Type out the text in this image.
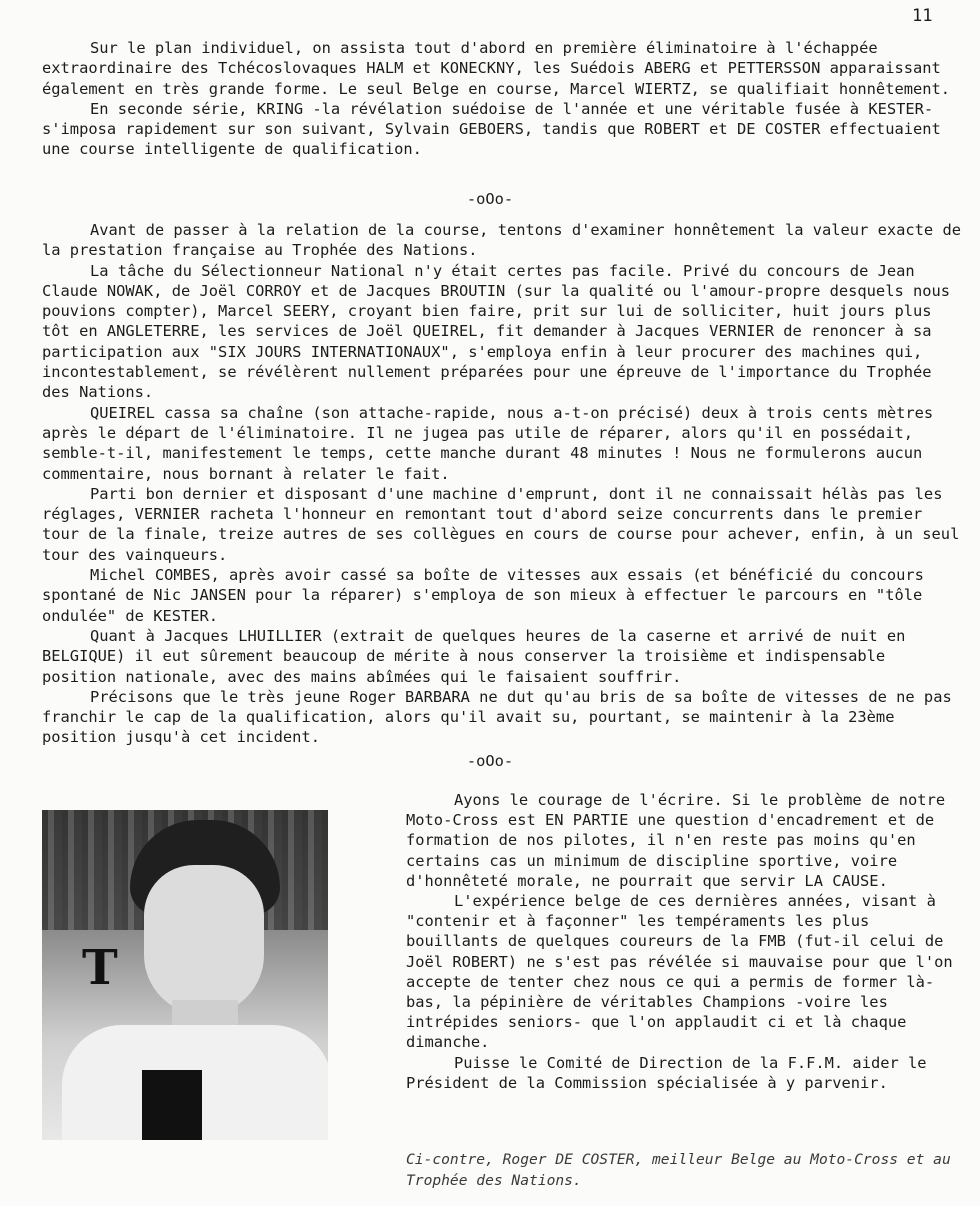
11

Sur le plan individuel, on assista tout d'abord en première éliminatoire à l'échappée extraordinaire des Tchécoslovaques HALM et KONECKNY, les Suédois ABERG et PETTERSSON apparaissant également en très grande forme. Le seul Belge en course, Marcel WIERTZ, se qualifiait honnêtement.

En seconde série, KRING -la révélation suédoise de l'année et une véritable fusée à KESTER- s'imposa rapidement sur son suivant, Sylvain GEBOERS, tandis que ROBERT et DE COSTER effectuaient une course intelligente de qualification.

-oOo-

Avant de passer à la relation de la course, tentons d'examiner honnêtement la valeur exacte de la prestation française au Trophée des Nations.

La tâche du Sélectionneur National n'y était certes pas facile. Privé du concours de Jean Claude NOWAK, de Joël CORROY et de Jacques BROUTIN (sur la qualité ou l'amour-propre desquels nous pouvions compter), Marcel SEERY, croyant bien faire, prit sur lui de solliciter, huit jours plus tôt en ANGLETERRE, les services de Joël QUEIREL, fit demander à Jacques VERNIER de renoncer à sa participation aux "SIX JOURS INTERNATIONAUX", s'employa enfin à leur procurer des machines qui, incontestablement, se révélèrent nullement préparées pour une épreuve de l'importance du Trophée des Nations.

QUEIREL cassa sa chaîne (son attache-rapide, nous a-t-on précisé) deux à trois cents mètres après le départ de l'éliminatoire. Il ne jugea pas utile de réparer, alors qu'il en possédait, semble-t-il, manifestement le temps, cette manche durant 48 minutes ! Nous ne formulerons aucun commentaire, nous bornant à relater le fait.

Parti bon dernier et disposant d'une machine d'emprunt, dont il ne connaissait hélàs pas les réglages, VERNIER racheta l'honneur en remontant tout d'abord seize concurrents dans le premier tour de la finale, treize autres de ses collègues en cours de course pour achever, enfin, à un seul tour des vainqueurs.

Michel COMBES, après avoir cassé sa boîte de vitesses aux essais (et bénéficié du concours spontané de Nic JANSEN pour la réparer) s'employa de son mieux à effectuer le parcours en "tôle ondulée" de KESTER.

Quant à Jacques LHUILLIER (extrait de quelques heures de la caserne et arrivé de nuit en BELGIQUE) il eut sûrement beaucoup de mérite à nous conserver la troisième et indispensable position nationale, avec des mains abîmées qui le faisaient souffrir.

Précisons que le très jeune Roger BARBARA ne dut qu'au bris de sa boîte de vitesses de ne pas franchir le cap de la qualification, alors qu'il avait su, pourtant, se maintenir à la 23ème position jusqu'à cet incident.

-oOo-

T

Ayons le courage de l'écrire. Si le problème de notre Moto-Cross est EN PARTIE une question d'encadrement et de formation de nos pilotes, il n'en reste pas moins qu'en certains cas un minimum de discipline sportive, voire d'honnêteté morale, ne pourrait que servir LA CAUSE.

L'expérience belge de ces dernières années, visant à "contenir et à façonner" les tempéraments les plus bouillants de quelques coureurs de la FMB (fut-il celui de Joël ROBERT) ne s'est pas révélée si mauvaise pour que l'on accepte de tenter chez nous ce qui a permis de former là-bas, la pépinière de véritables Champions -voire les intrépides seniors- que l'on applaudit ci et là chaque dimanche.

Puisse le Comité de Direction de la F.F.M. aider le Président de la Commission spécialisée à y parvenir.

Ci-contre, Roger DE COSTER, meilleur Belge au Moto-Cross et au Trophée des Nations.
